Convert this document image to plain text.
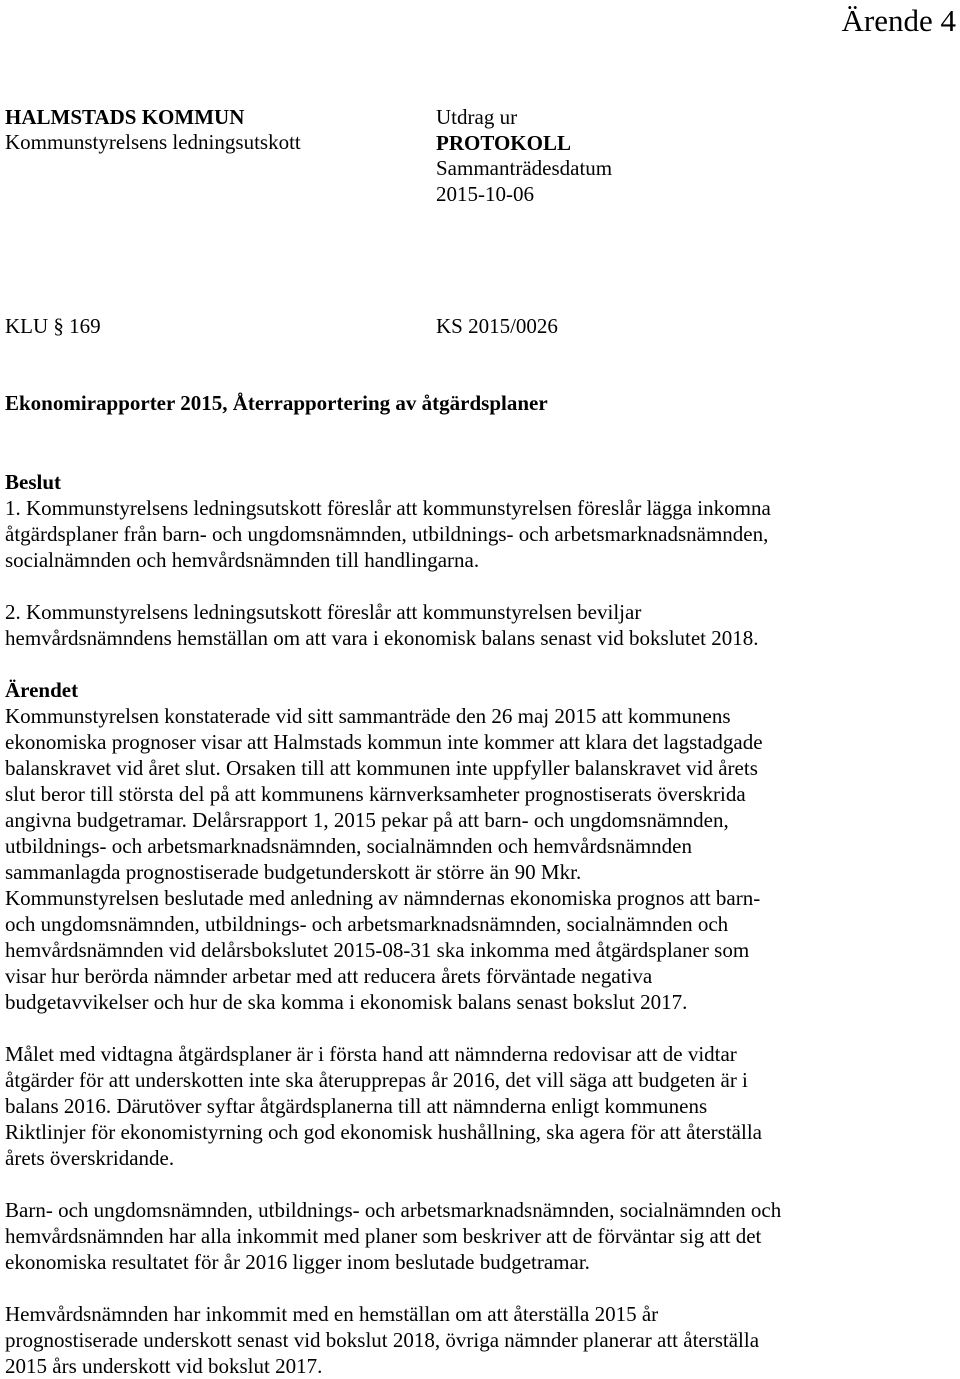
Ärende 4
HALMSTADS KOMMUN
Kommunstyrelsens ledningsutskott
Utdrag ur
PROTOKOLL
Sammanträdesdatum
2015-10-06
KLU § 169	KS 2015/0026
Ekonomirapporter 2015, Återrapportering av åtgärdsplaner
Beslut

1. Kommunstyrelsens ledningsutskott föreslår att kommunstyrelsen föreslår lägga inkomna

åtgärdsplaner från barn- och ungdomsnämnden, utbildnings- och arbetsmarknadsnämnden,

socialnämnden och hemvårdsnämnden till handlingarna.

2. Kommunstyrelsens ledningsutskott föreslår att kommunstyrelsen beviljar

hemvårdsnämndens hemställan om att vara i ekonomisk balans senast vid bokslutet 2018.

Ärendet

Kommunstyrelsen konstaterade vid sitt sammanträde den 26 maj 2015 att kommunens

ekonomiska prognoser visar att Halmstads kommun inte kommer att klara det lagstadgade

balanskravet vid året slut. Orsaken till att kommunen inte uppfyller balanskravet vid årets

slut beror till största del på att kommunens kärnverksamheter prognostiserats överskrida

angivna budgetramar. Delårsrapport 1, 2015 pekar på att barn- och ungdomsnämnden,

utbildnings- och arbetsmarknadsnämnden, socialnämnden och hemvårdsnämnden

sammanlagda prognostiserade budgetunderskott är större än 90 Mkr.

Kommunstyrelsen beslutade med anledning av nämndernas ekonomiska prognos att barn-

och ungdomsnämnden, utbildnings- och arbetsmarknadsnämnden, socialnämnden och

hemvårdsnämnden vid delårsbokslutet 2015-08-31 ska inkomma med åtgärdsplaner som

visar hur berörda nämnder arbetar med att reducera årets förväntade negativa

budgetavvikelser och hur de ska komma i ekonomisk balans senast bokslut 2017.

Målet med vidtagna åtgärdsplaner är i första hand att nämnderna redovisar att de vidtar

åtgärder för att underskotten inte ska återupprepas år 2016, det vill säga att budgeten är i

balans 2016. Därutöver syftar åtgärdsplanerna till att nämnderna enligt kommunens

Riktlinjer för ekonomistyrning och god ekonomisk hushållning, ska agera för att återställa

årets överskridande.

Barn- och ungdomsnämnden, utbildnings- och arbetsmarknadsnämnden, socialnämnden och

hemvårdsnämnden har alla inkommit med planer som beskriver att de förväntar sig att det

ekonomiska resultatet för år 2016 ligger inom beslutade budgetramar.

Hemvårdsnämnden har inkommit med en hemställan om att återställa 2015 år

prognostiserade underskott senast vid bokslut 2018, övriga nämnder planerar att återställa

2015 års underskott vid bokslut 2017.
